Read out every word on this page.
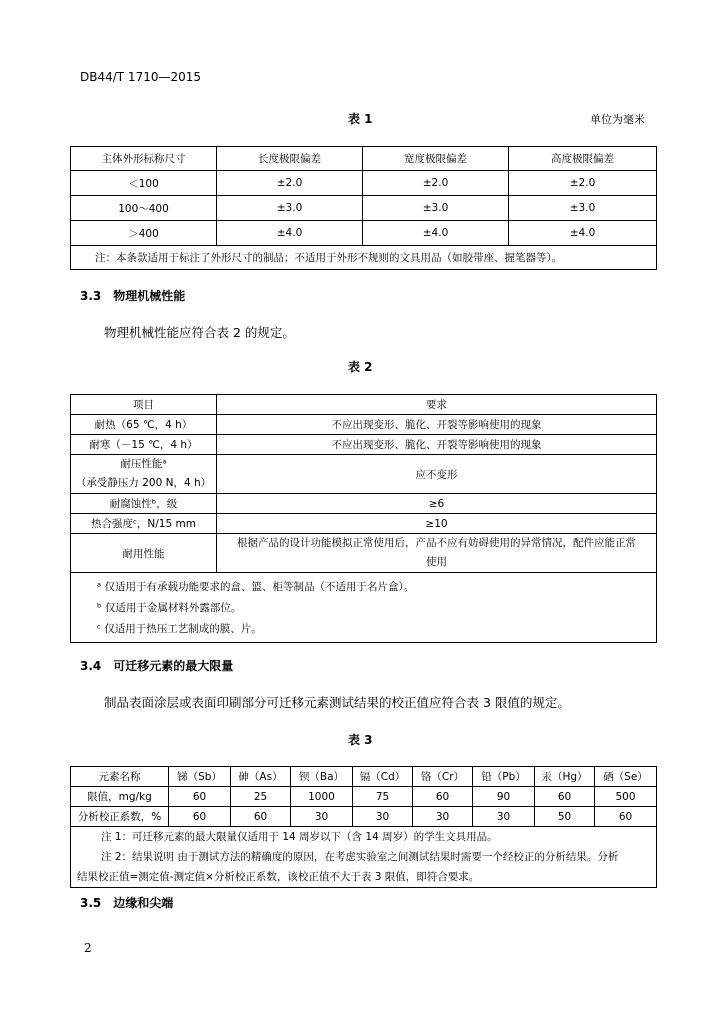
DB44/T 1710—2015
表 1	单位为毫米
主体外形标称尺寸	长度极限偏差	宽度极限偏差	高度极限偏差
＜100	±2.0	±2.0	±2.0
100～400	±3.0	±3.0	±3.0
＞400	±4.0	±4.0	±4.0
注：本条款适用于标注了外形尺寸的制品；不适用于外形不规则的文具用品（如胶带座、握笔器等）。			
3.3　物理机械性能
物理机械性能应符合表 2 的规定。
表 2
项目	要求
耐热（65 ℃，4 h）	不应出现变形、脆化、开裂等影响使用的现象
耐寒（－15 ℃，4 h）	不应出现变形、脆化、开裂等影响使用的现象

耐压性能ᵃ
（承受静压力 200 N，4 h）	应不变形
耐腐蚀性ᵇ，级	≥6
热合强度ᶜ，N/15 mm	≥10
耐用性能	根据产品的设计功能模拟正常使用后，产品不应有妨碍使用的异常情况，配件应能正常
使用

ᵃ 仅适用于有承载功能要求的盒、篮、柜等制品（不适用于名片盒）。
ᵇ 仅适用于金属材料外露部位。
ᶜ 仅适用于热压工艺制成的膜、片。	
3.4　可迁移元素的最大限量
制品表面涂层或表面印刷部分可迁移元素测试结果的校正值应符合表 3 限值的规定。
表 3
元素名称	锑（Sb）	砷（As）	钡（Ba）	镉（Cd）	铬（Cr）	铅（Pb）	汞（Hg）	硒（Se）
限值，mg/kg	60	25	1000	75	60	90	60	500
分析校正系数，%	60	60	30	30	30	30	50	60

注 1：可迁移元素的最大限量仅适用于 14 周岁以下（含 14 周岁）的学生文具用品。
注 2：结果说明 由于测试方法的精确度的原因，在考虑实验室之间测试结果时需要一个经校正的分析结果。分析
结果校正值=测定值-测定值×分析校正系数，该校正值不大于表 3 限值，即符合要求。								
3.5　边缘和尖端
2
